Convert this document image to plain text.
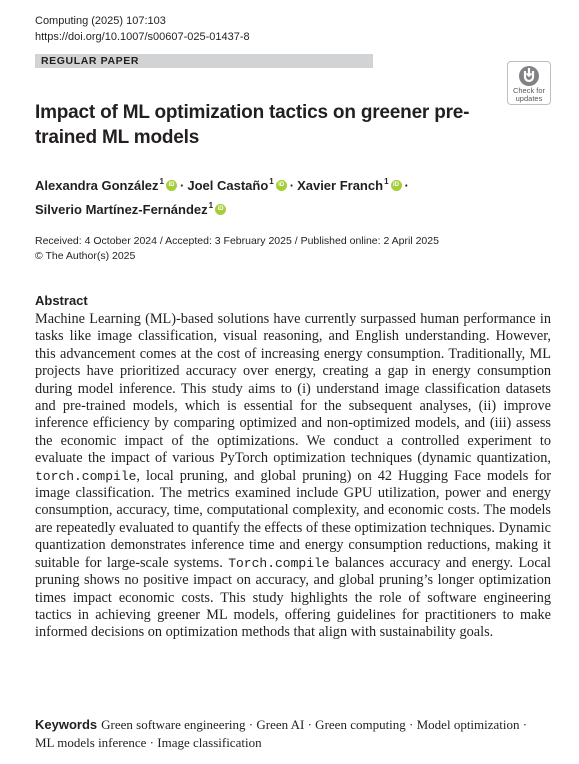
Computing (2025) 107:103
https://doi.org/10.1007/s00607-025-01437-8
REGULAR PAPER
Check for
updates
Impact of ML optimization tactics on greener pre-trained ML models
Alexandra González$^1$ iD · Joel Castaño$^1$ iD · Xavier Franch$^1$ iD ·
Silverio Martínez-Fernández$^1$iD
Received: 4 October 2024 / Accepted: 3 February 2025 / Published online: 2 April 2025
© The Author(s) 2025
Abstract
Machine Learning (ML)-based solutions have currently surpassed human performance in tasks like image classification, visual reasoning, and English understanding. However, this advancement comes at the cost of increasing energy consumption. Traditionally, ML projects have prioritized accuracy over energy, creating a gap in energy consumption during model inference. This study aims to (i) understand image classification datasets and pre-trained models, which is essential for the subsequent analyses, (ii) improve inference efficiency by comparing optimized and non-optimized models, and (iii) assess the economic impact of the optimizations. We conduct a controlled experiment to evaluate the impact of various PyTorch optimization techniques (dynamic quantization, torch.compile, local pruning, and global pruning) on 42 Hugging Face models for image classification. The metrics examined include GPU utilization, power and energy consumption, accuracy, time, computational complexity, and economic costs. The models are repeatedly evaluated to quantify the effects of these optimization techniques. Dynamic quantization demonstrates inference time and energy consumption reductions, making it suitable for large-scale systems. Torch.compile balances accuracy and energy. Local pruning shows no positive impact on accuracy, and global pruning’s longer optimization times impact economic costs. This study highlights the role of software engineering tactics in achieving greener ML models, offering guidelines for practitioners to make informed decisions on optimization methods that align with sustainability goals.
Keywords Green software engineering · Green AI · Green computing · Model optimization · ML models inference · Image classification
